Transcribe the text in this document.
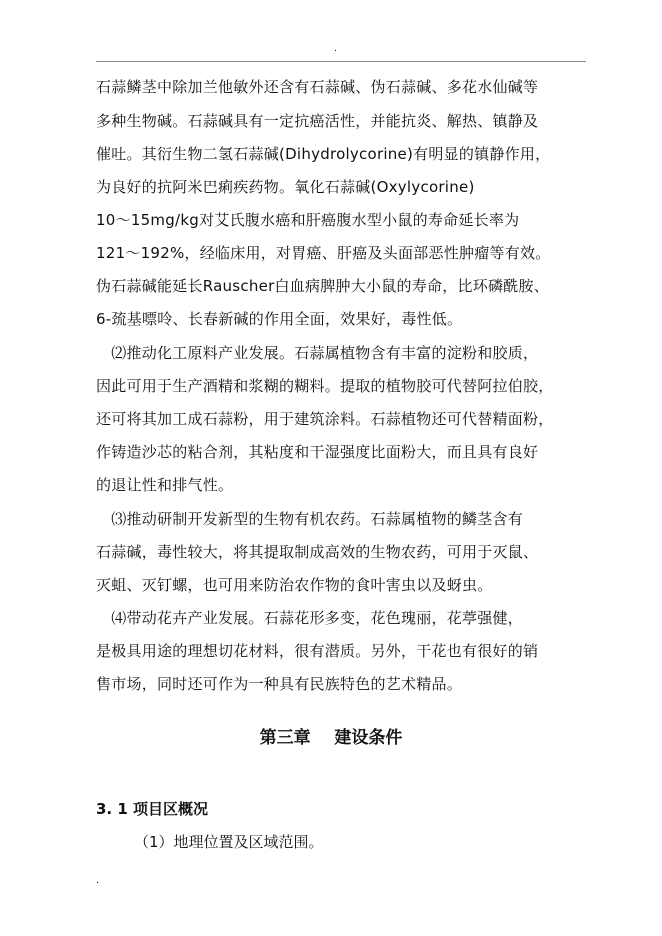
.
石蒜鳞茎中除加兰他敏外还含有石蒜碱、伪石蒜碱、多花水仙碱等
多种生物碱。石蒜碱具有一定抗癌活性，并能抗炎、解热、镇静及
催吐。其衍生物二氢石蒜碱(Dihydrolycorine)有明显的镇静作用，
为良好的抗阿米巴痢疾药物。氧化石蒜碱(Oxylycorine)
10～15mg/kg对艾氏腹水癌和肝癌腹水型小鼠的寿命延长率为
121～192%，经临床用，对胃癌、肝癌及头面部恶性肿瘤等有效。
伪石蒜碱能延长Rauscher白血病脾肿大小鼠的寿命，比环磷酰胺、
6-巯基嘌呤、长春新碱的作用全面，效果好，毒性低。
　⑵推动化工原料产业发展。石蒜属植物含有丰富的淀粉和胶质，
因此可用于生产酒精和浆糊的糊料。提取的植物胶可代替阿拉伯胶，
还可将其加工成石蒜粉，用于建筑涂料。石蒜植物还可代替精面粉，
作铸造沙芯的粘合剂，其粘度和干湿强度比面粉大，而且具有良好
的退让性和排气性。
　⑶推动研制开发新型的生物有机农药。石蒜属植物的鳞茎含有
石蒜碱，毒性较大，将其提取制成高效的生物农药，可用于灭鼠、
灭蛆、灭钉螺，也可用来防治农作物的食叶害虫以及蚜虫。
　⑷带动花卉产业发展。石蒜花形多变，花色瑰丽，花葶强健，
是极具用途的理想切花材料，很有潜质。另外，干花也有很好的销
售市场，同时还可作为一种具有民族特色的艺术精品。
第三章    建设条件
3. 1 项目区概况
（1）地理位置及区域范围。
.
